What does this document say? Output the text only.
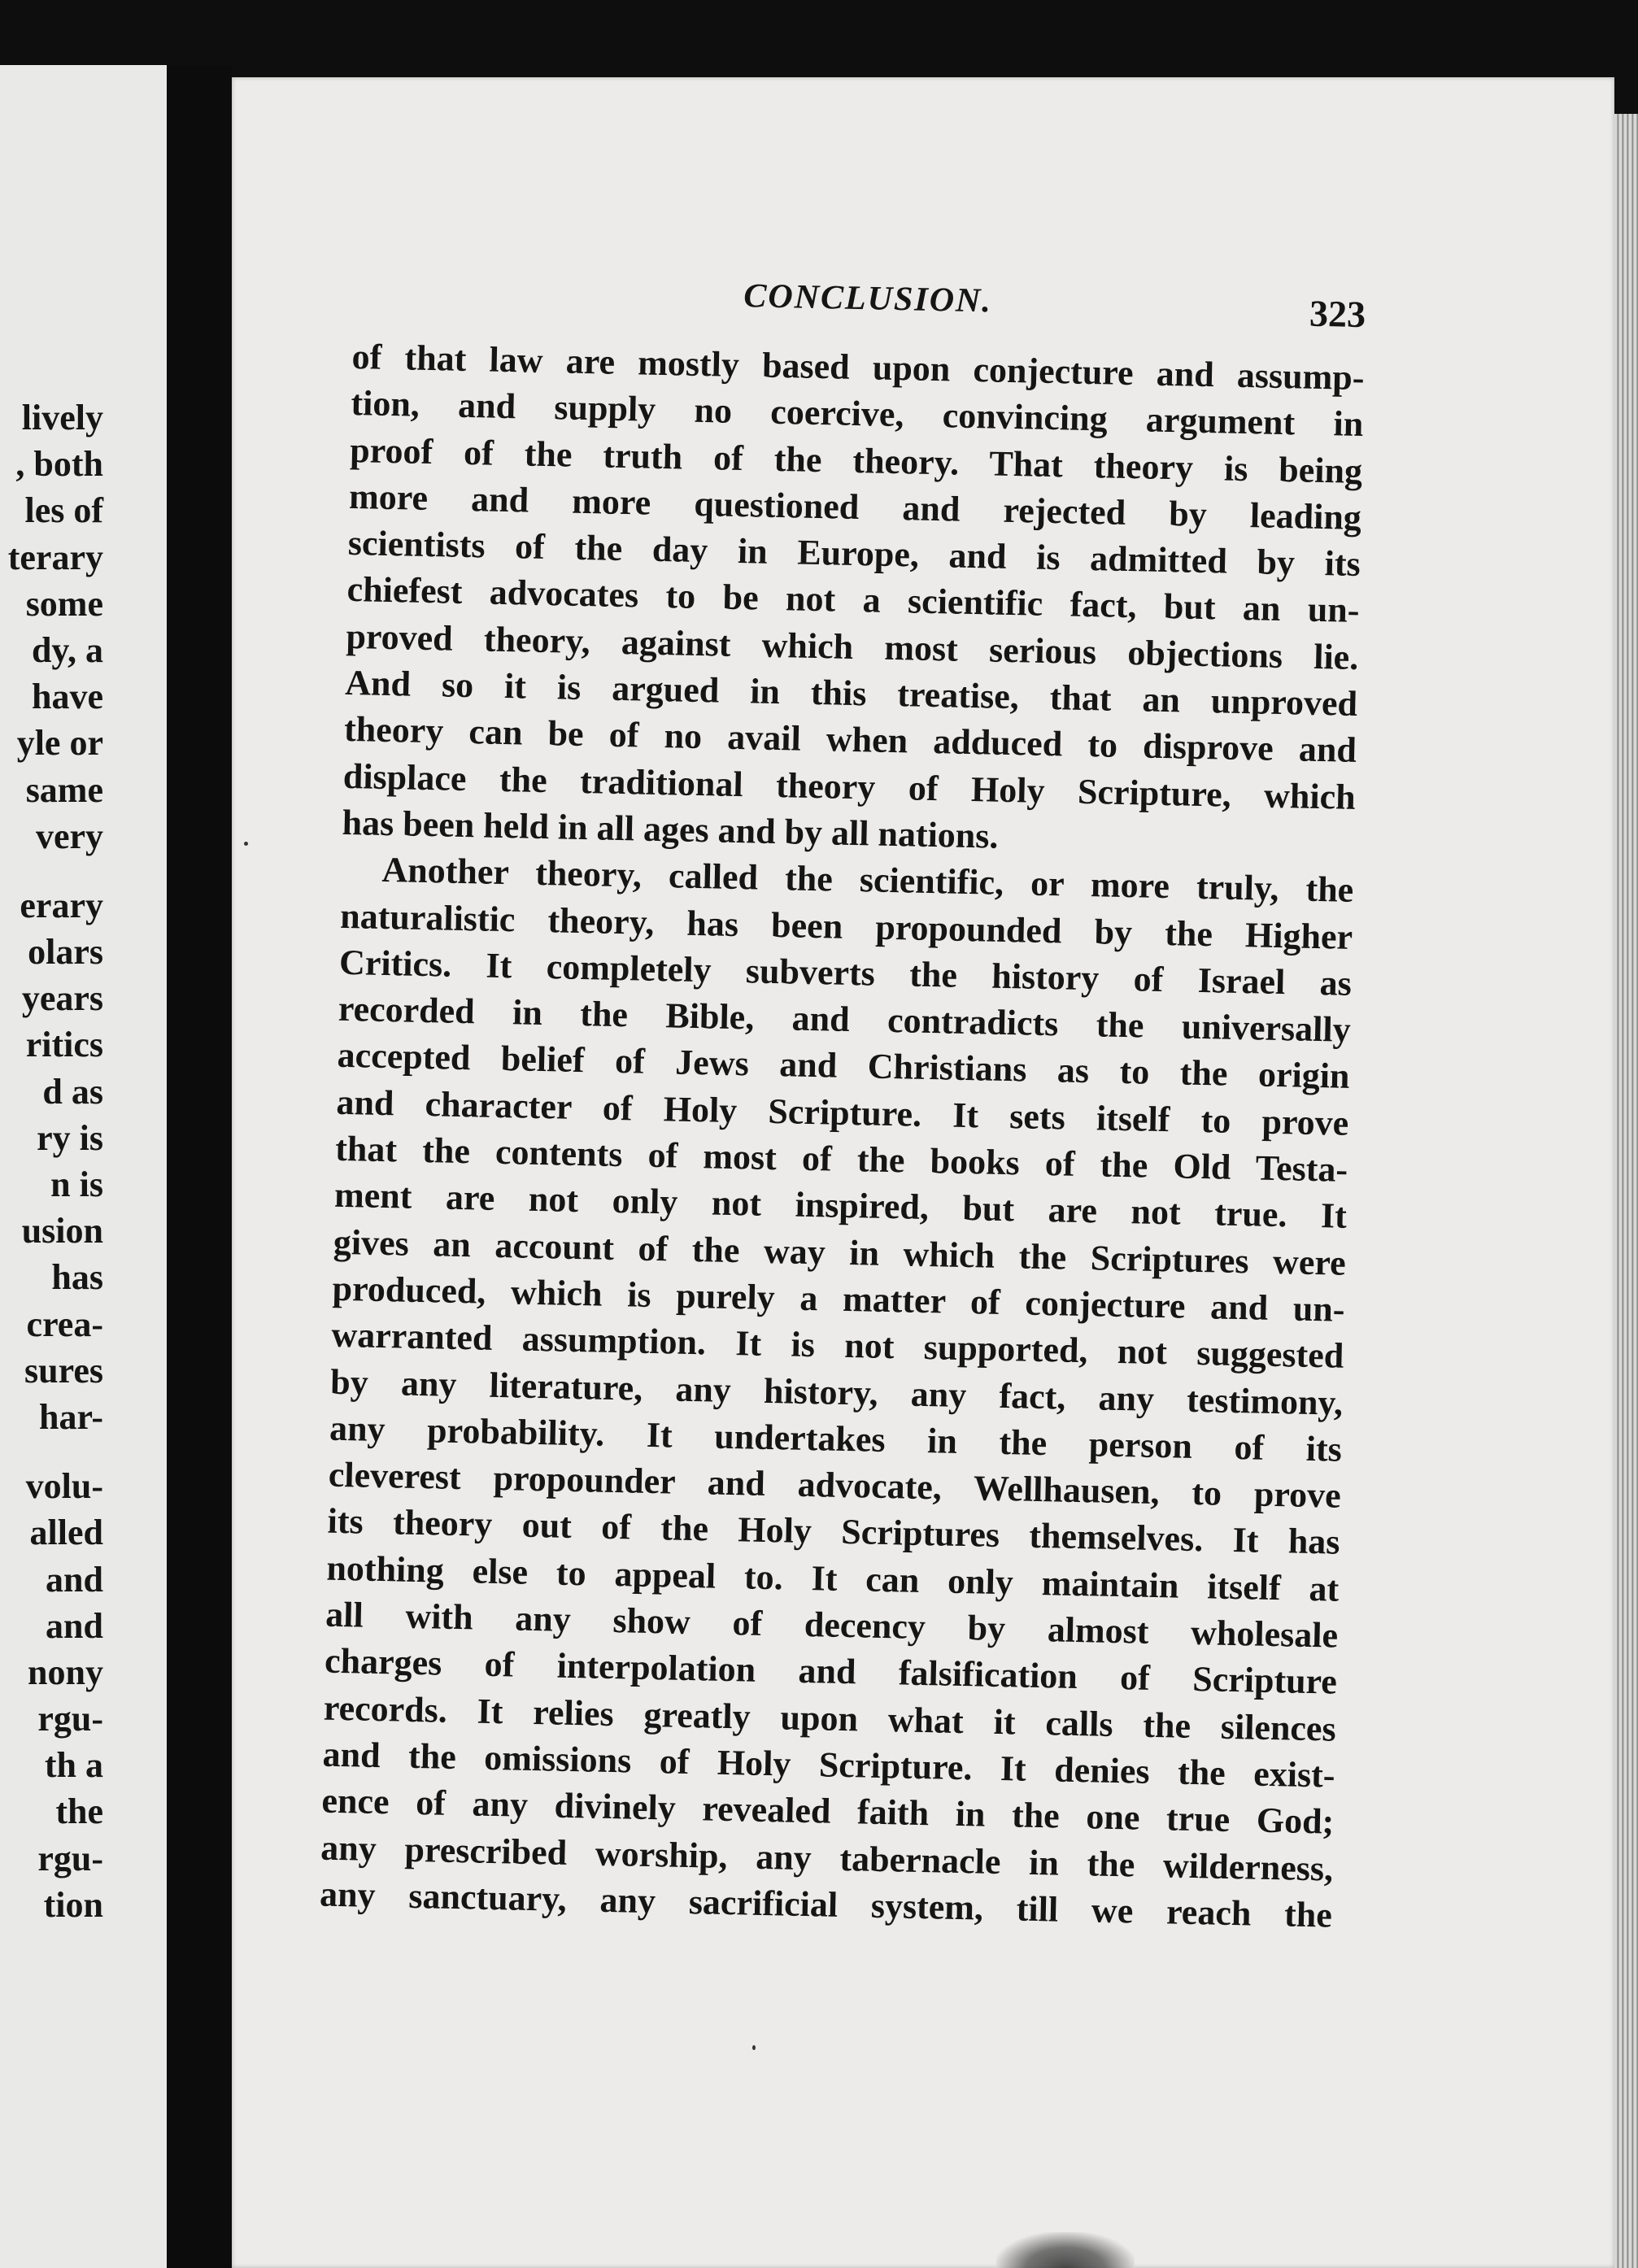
lively
, both
les of
terary
some
dy, a
have
yle or
same
very
erary
olars
years
ritics
d as
ry is
n is
usion
has
crea-
sures
har-
volu-
alled
and
and
nony
rgu-
th a
the
rgu-
tion
CONCLUSION.	323
of that law are mostly based upon conjecture and assump-
tion, and supply no coercive, convincing argument in
proof of the truth of the theory. That theory is being
more and more questioned and rejected by leading
scientists of the day in Europe, and is admitted by its
chiefest advocates to be not a scientific fact, but an un-
proved theory, against which most serious objections lie.
And so it is argued in this treatise, that an unproved
theory can be of no avail when adduced to disprove and
displace the traditional theory of Holy Scripture, which
has been held in all ages and by all nations.
Another theory, called the scientific, or more truly, the
naturalistic theory, has been propounded by the Higher
Critics. It completely subverts the history of Israel as
recorded in the Bible, and contradicts the universally
accepted belief of Jews and Christians as to the origin
and character of Holy Scripture. It sets itself to prove
that the contents of most of the books of the Old Testa-
ment are not only not inspired, but are not true. It
gives an account of the way in which the Scriptures were
produced, which is purely a matter of conjecture and un-
warranted assumption. It is not supported, not suggested
by any literature, any history, any fact, any testimony,
any probability. It undertakes in the person of its
cleverest propounder and advocate, Wellhausen, to prove
its theory out of the Holy Scriptures themselves. It has
nothing else to appeal to. It can only maintain itself at
all with any show of decency by almost wholesale
charges of interpolation and falsification of Scripture
records. It relies greatly upon what it calls the silences
and the omissions of Holy Scripture. It denies the exist-
ence of any divinely revealed faith in the one true God;
any prescribed worship, any tabernacle in the wilderness,
any sanctuary, any sacrificial system, till we reach the
